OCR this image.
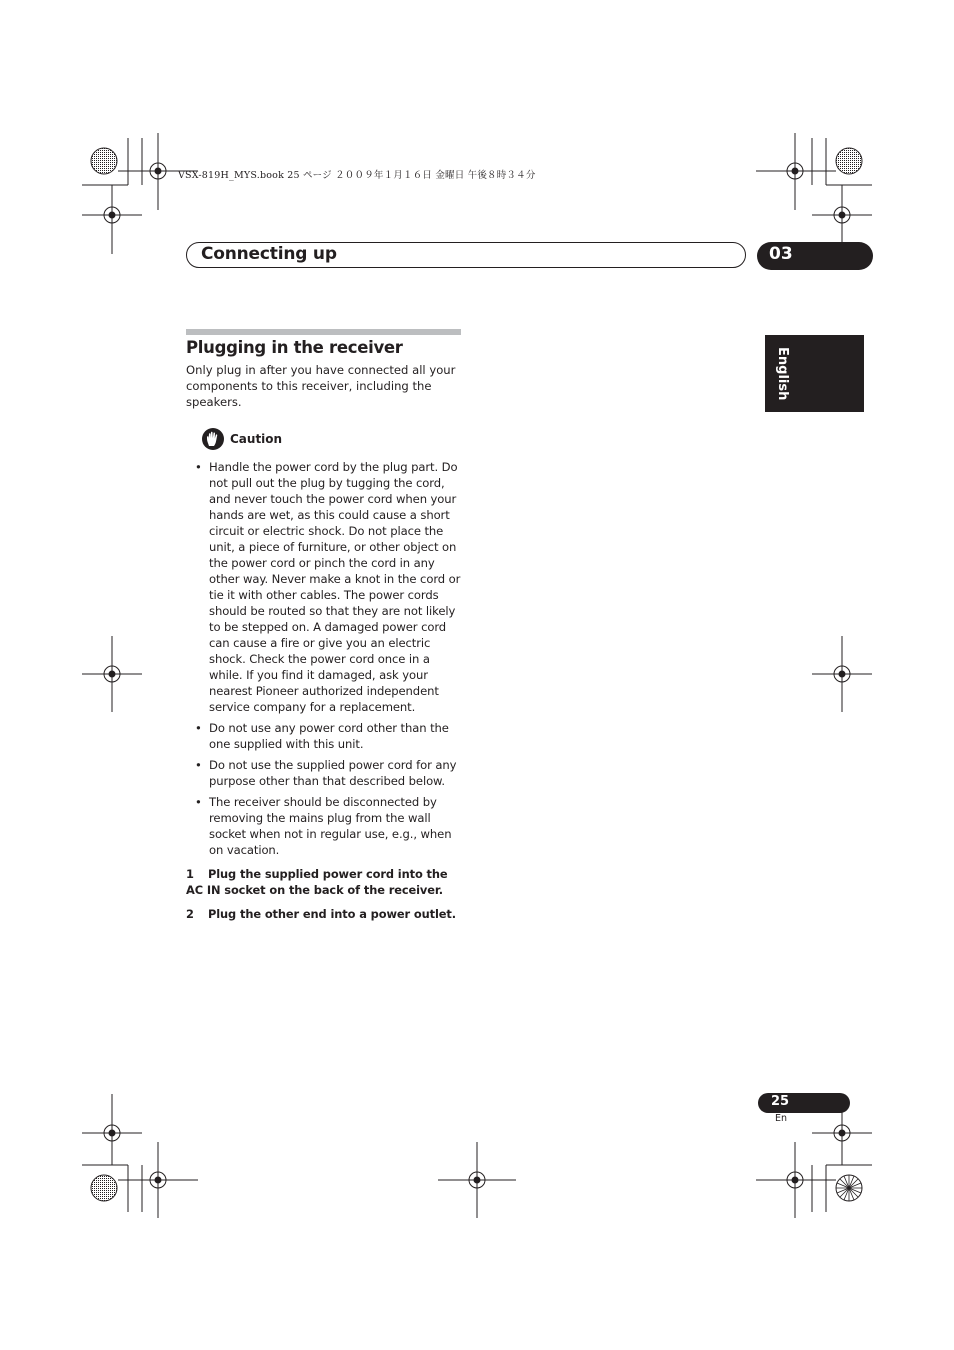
VSX-819H_MYS.book 25 ページ ２００９年１月１６日 金曜日 午後８時３４分
Connecting up	03
English
Plugging in the receiver

Only plug in after you have connected all your components to this receiver, including the speakers.

Caution
• Handle the power cord by the plug part. Do not pull out the plug by tugging the cord, and never touch the power cord when your hands are wet, as this could cause a short circuit or electric shock. Do not place the unit, a piece of furniture, or other object on the power cord or pinch the cord in any other way. Never make a knot in the cord or tie it with other cables. The power cords should be routed so that they are not likely to be stepped on. A damaged power cord can cause a fire or give you an electric shock. Check the power cord once in a while. If you find it damaged, ask your nearest Pioneer authorized independent service company for a replacement.
• Do not use any power cord other than the one supplied with this unit.
• Do not use the supplied power cord for any purpose other than that described below.
• The receiver should be disconnected by removing the mains plug from the wall socket when not in regular use, e.g., when on vacation.

1 Plug the supplied power cord into the AC IN socket on the back of the receiver.

2 Plug the other end into a power outlet.

25
En
